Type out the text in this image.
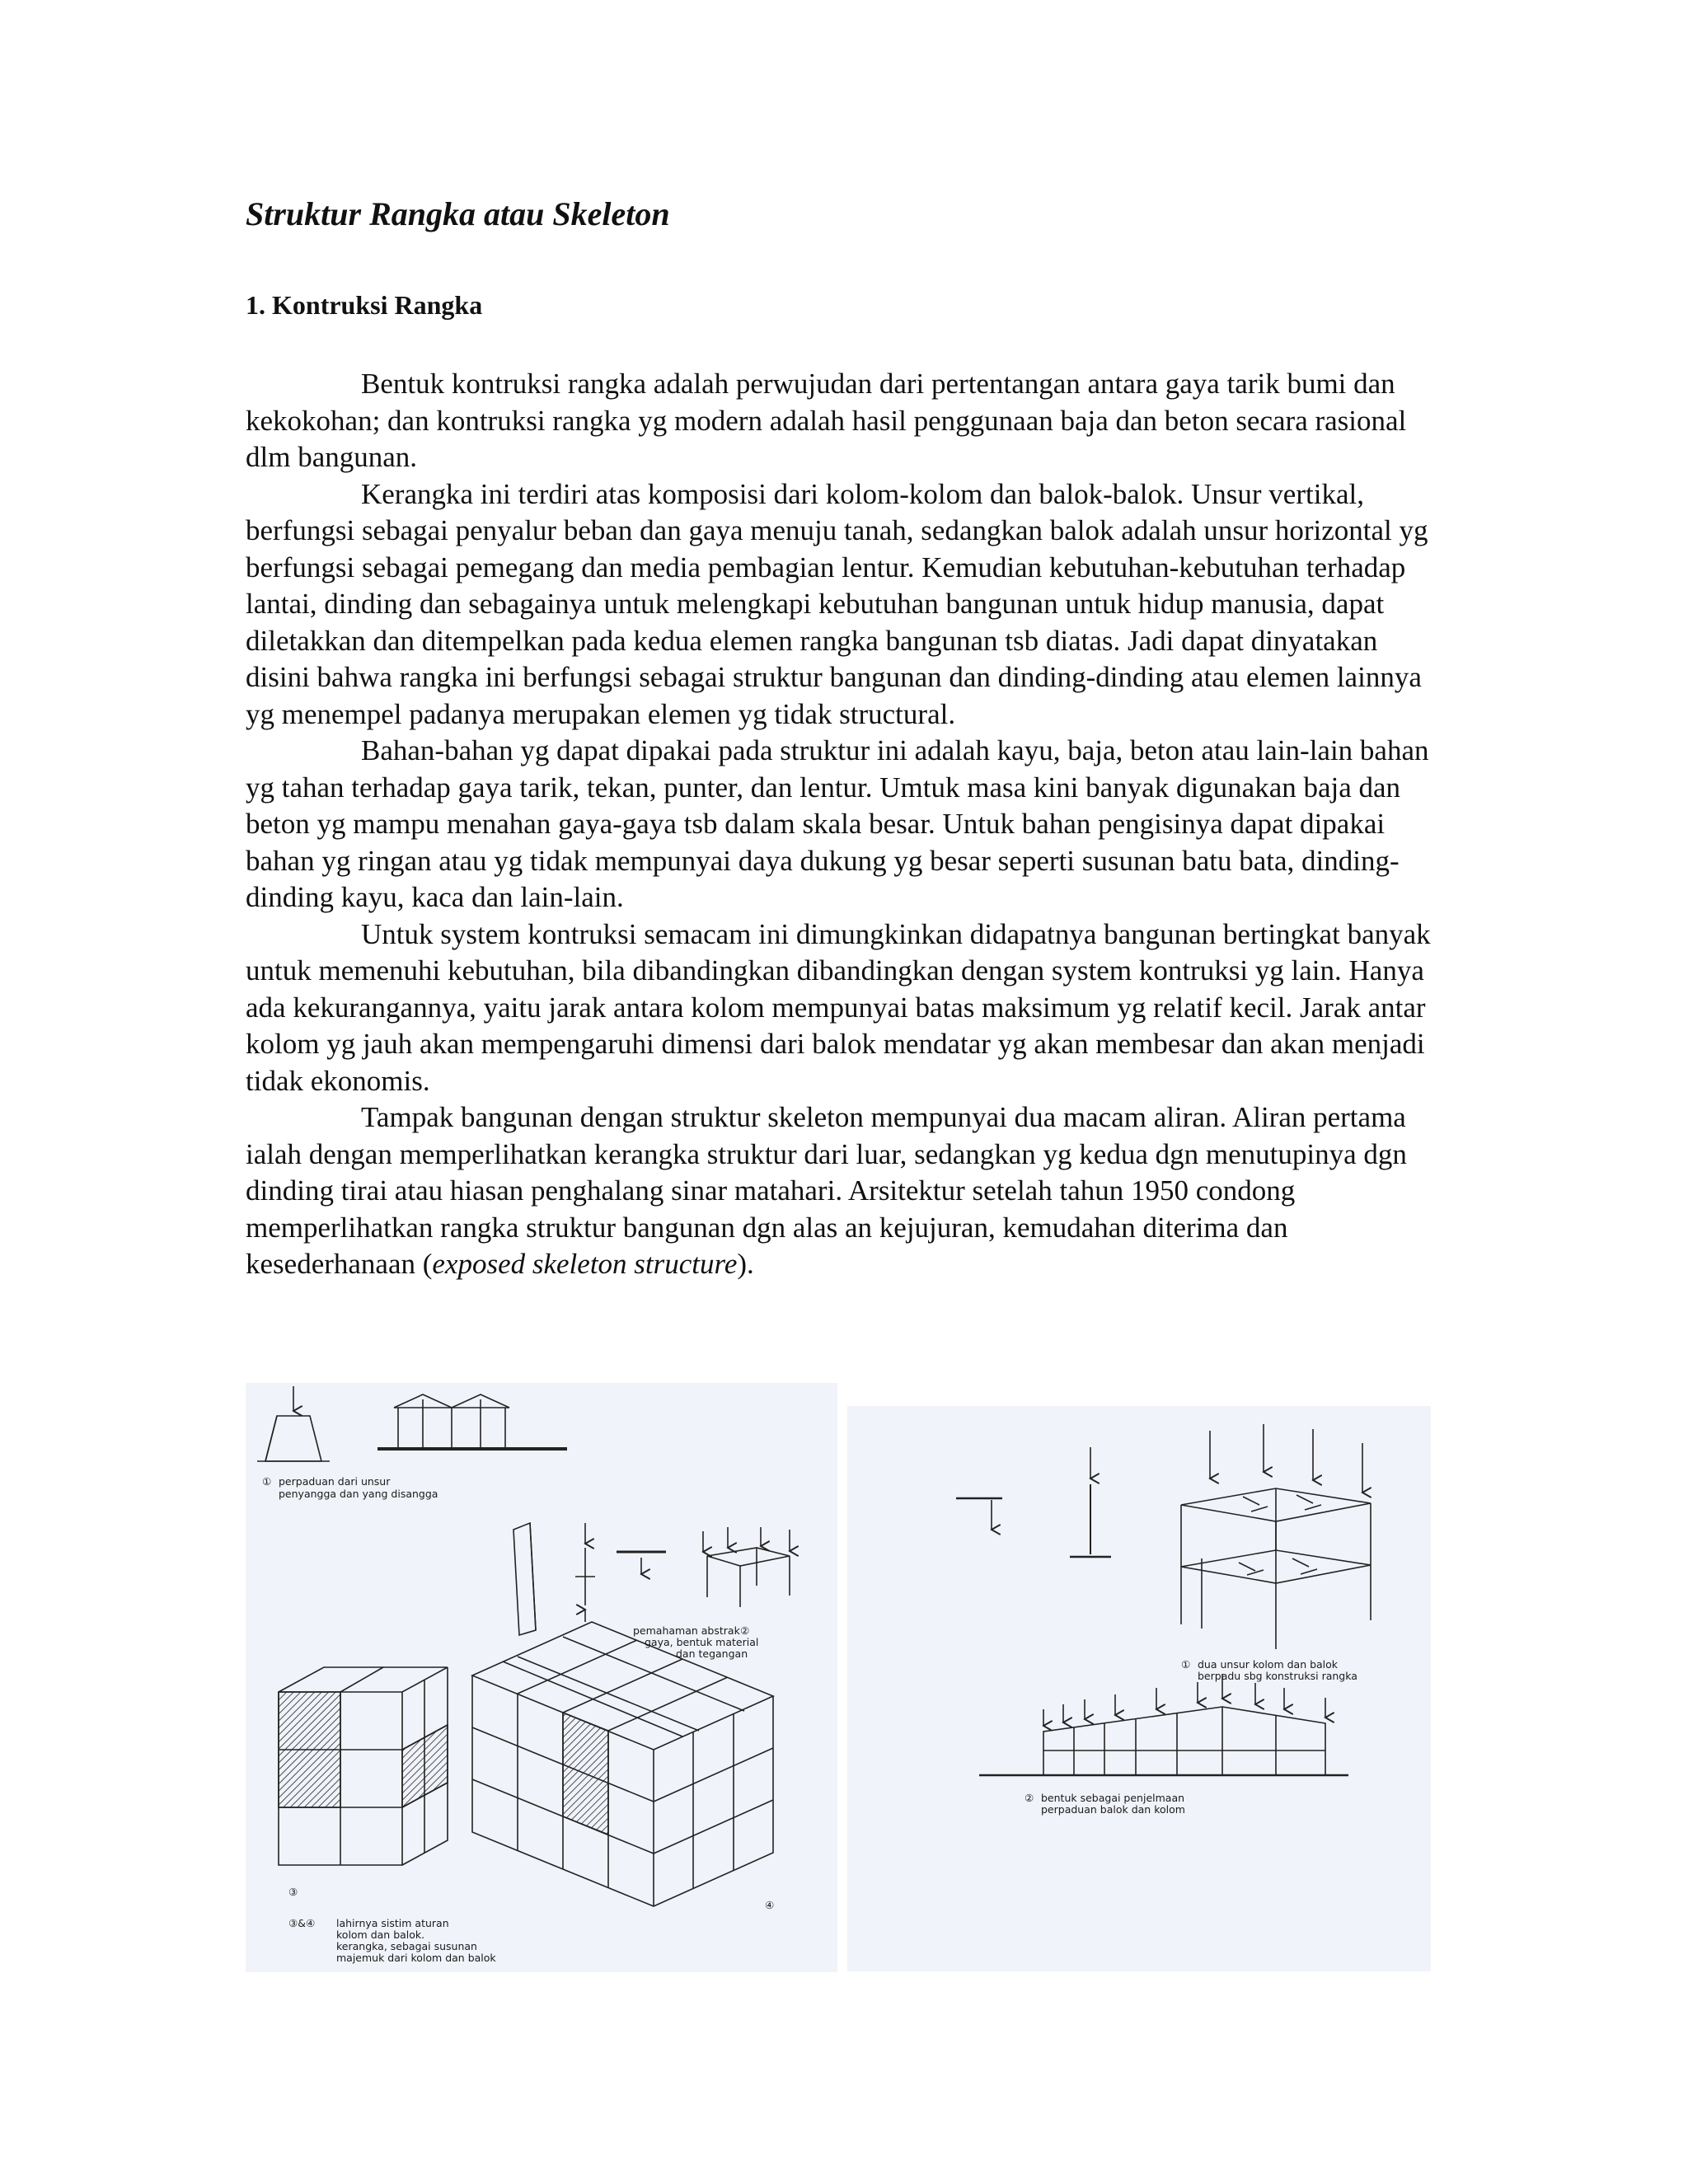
Struktur Rangka atau Skeleton
1. Kontruksi Rangka

Bentuk kontruksi rangka adalah perwujudan dari pertentangan antara gaya tarik bumi dan kekokohan; dan kontruksi rangka yg modern adalah hasil penggunaan baja dan beton secara rasional dlm bangunan.

Kerangka ini terdiri atas komposisi dari kolom-kolom dan balok-balok. Unsur vertikal, berfungsi sebagai penyalur beban dan gaya menuju tanah, sedangkan balok adalah unsur horizontal yg berfungsi sebagai pemegang dan media pembagian lentur. Kemudian kebutuhan-kebutuhan terhadap lantai, dinding dan sebagainya untuk melengkapi kebutuhan bangunan untuk hidup manusia, dapat diletakkan dan ditempelkan pada kedua elemen rangka bangunan tsb diatas. Jadi dapat dinyatakan disini bahwa rangka ini berfungsi sebagai struktur bangunan dan dinding-dinding atau elemen lainnya yg menempel padanya merupakan elemen yg tidak structural.

Bahan-bahan yg dapat dipakai pada struktur ini adalah kayu, baja, beton atau lain-lain bahan yg tahan terhadap gaya tarik, tekan, punter, dan lentur. Umtuk masa kini banyak digunakan baja dan beton yg mampu menahan gaya-gaya tsb dalam skala besar. Untuk bahan pengisinya dapat dipakai bahan yg ringan atau yg tidak mempunyai daya dukung yg besar seperti susunan batu bata, dinding-dinding kayu, kaca dan lain-lain.

Untuk system kontruksi semacam ini dimungkinkan didapatnya bangunan bertingkat banyak untuk memenuhi kebutuhan, bila dibandingkan dibandingkan dengan system kontruksi yg lain. Hanya ada kekurangannya, yaitu jarak antara kolom mempunyai batas maksimum yg relatif kecil. Jarak antar kolom yg jauh akan mempengaruhi dimensi dari balok mendatar yg akan membesar dan akan menjadi tidak ekonomis.

Tampak bangunan dengan struktur skeleton mempunyai dua macam aliran. Aliran pertama ialah dengan memperlihatkan kerangka struktur dari luar, sedangkan yg kedua dgn menutupinya dgn dinding tirai atau hiasan penghalang sinar matahari. Arsitektur setelah tahun 1950 condong memperlihatkan rangka struktur bangunan dgn alas an kejujuran, kemudahan diterima dan kesederhanaan (exposed skeleton structure).

① perpaduan dari unsur
penyangga dan yang disangga
pemahaman abstrak ②
gaya, bentuk material
dan tegangan
③
④
③&④ lahirnya sistim aturan
kolom dan balok.
kerangka, sebagai susunan
majemuk dari kolom dan balok
① dua unsur kolom dan balok
berpadu sbg konstruksi rangka
② bentuk sebagai penjelmaan
perpaduan balok dan kolom
